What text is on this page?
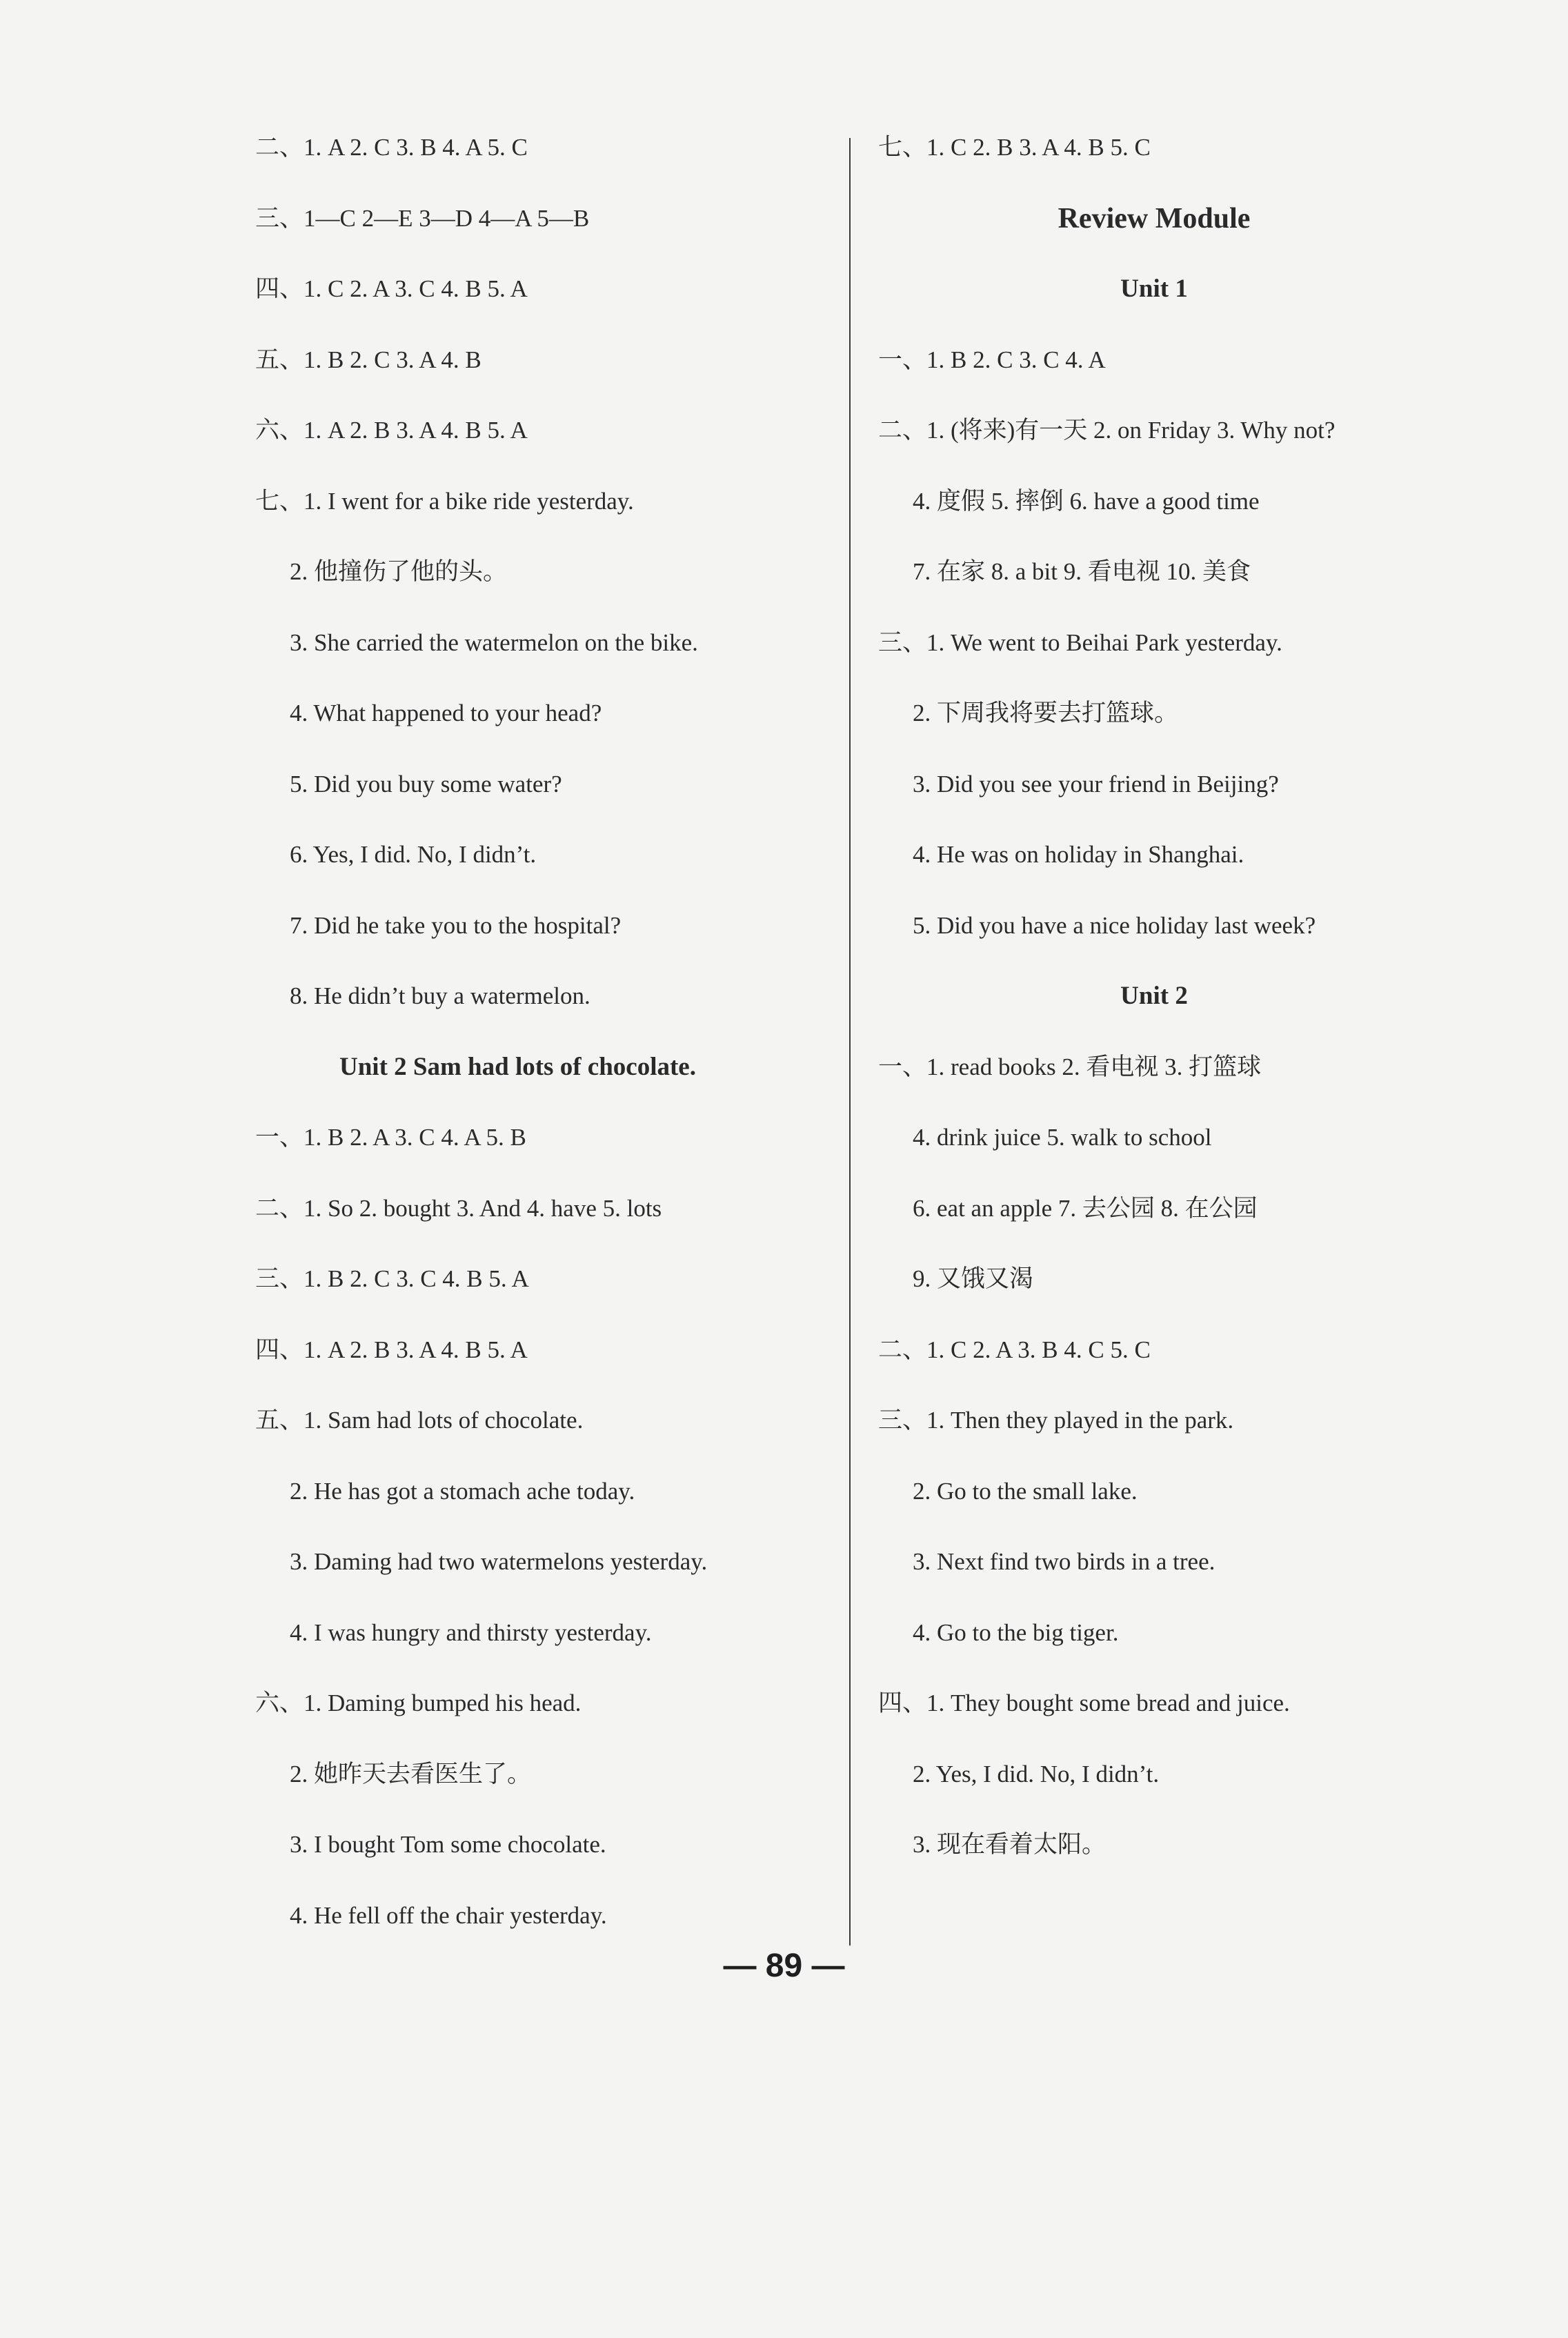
二、1. A 2. C 3. B 4. A 5. C
三、1—C 2—E 3—D 4—A 5—B
四、1. C 2. A 3. C 4. B 5. A
五、1. B 2. C 3. A 4. B
六、1. A 2. B 3. A 4. B 5. A
七、1. I went for a bike ride yesterday.
2. 他撞伤了他的头。
3. She carried the watermelon on the bike.
4. What happened to your head?
5. Did you buy some water?
6. Yes, I did. No, I didn’t.
7. Did he take you to the hospital?
8. He didn’t buy a watermelon.
Unit 2 Sam had lots of chocolate.
一、1. B 2. A 3. C 4. A 5. B
二、1. So 2. bought 3. And 4. have 5. lots
三、1. B 2. C 3. C 4. B 5. A
四、1. A 2. B 3. A 4. B 5. A
五、1. Sam had lots of chocolate.
2. He has got a stomach ache today.
3. Daming had two watermelons yesterday.
4. I was hungry and thirsty yesterday.
六、1. Daming bumped his head.
2. 她昨天去看医生了。
3. I bought Tom some chocolate.
4. He fell off the chair yesterday.
七、1. C 2. B 3. A 4. B 5. C
Review Module
Unit 1
一、1. B 2. C 3. C 4. A
二、1. (将来)有一天 2. on Friday 3. Why not?
4. 度假 5. 摔倒 6. have a good time
7. 在家 8. a bit 9. 看电视 10. 美食
三、1. We went to Beihai Park yesterday.
2. 下周我将要去打篮球。
3. Did you see your friend in Beijing?
4. He was on holiday in Shanghai.
5. Did you have a nice holiday last week?
Unit 2
一、1. read books 2. 看电视 3. 打篮球
4. drink juice 5. walk to school
6. eat an apple 7. 去公园 8. 在公园
9. 又饿又渴
二、1. C 2. A 3. B 4. C 5. C
三、1. Then they played in the park.
2. Go to the small lake.
3. Next find two birds in a tree.
4. Go to the big tiger.
四、1. They bought some bread and juice.
2. Yes, I did. No, I didn’t.
3. 现在看着太阳。
— 89 —
